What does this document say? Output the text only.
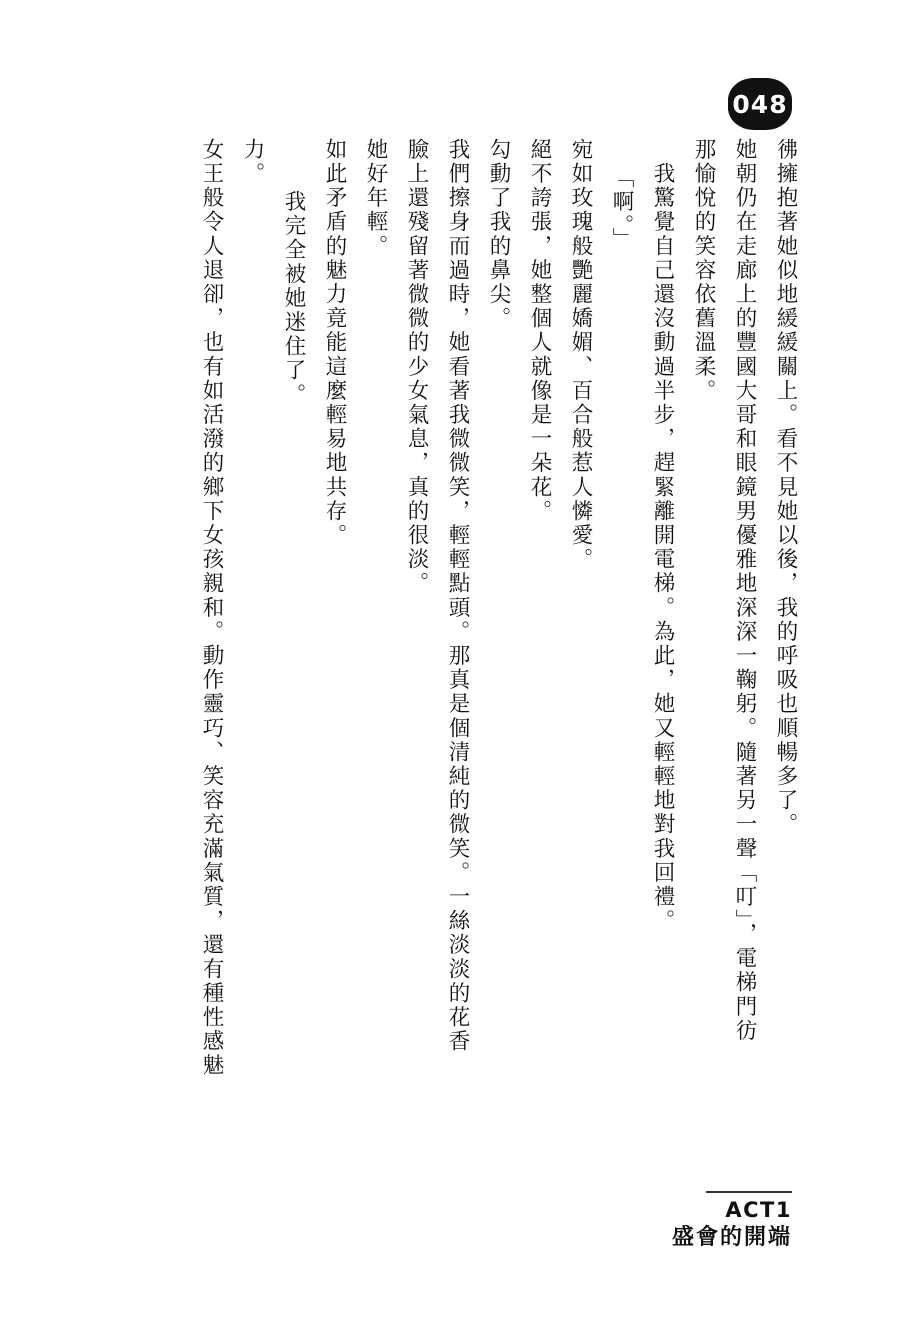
048
女王般令人退卻，也有如活潑的鄉下女孩親和。動作靈巧、笑容充滿氣質，還有種性感魅 力。
　我完全被她迷住了。 如此矛盾的魅力竟能這麼輕易地共存。 她好年輕。 臉上還殘留著微微的少女氣息，真的很淡。 我們擦身而過時，她看著我微微笑，輕輕點頭。那真是個清純的微笑。一絲淡淡的花香 勾動了我的鼻尖。 絕不誇張，她整個人就像是一朵花。 宛如玫瑰般艷麗嬌媚、百合般惹人憐愛。 「啊。」 　我驚覺自己還沒動過半步，趕緊離開電梯。為此，她又輕輕地對我回禮。 那愉悅的笑容依舊溫柔。 她朝仍在走廊上的豐國大哥和眼鏡男優雅地深深一鞠躬。隨著另一聲「叮」，電梯門彷 彿擁抱著她似地緩緩關上。看不見她以後，我的呼吸也順暢多了。
ACT1
盛會的開端
